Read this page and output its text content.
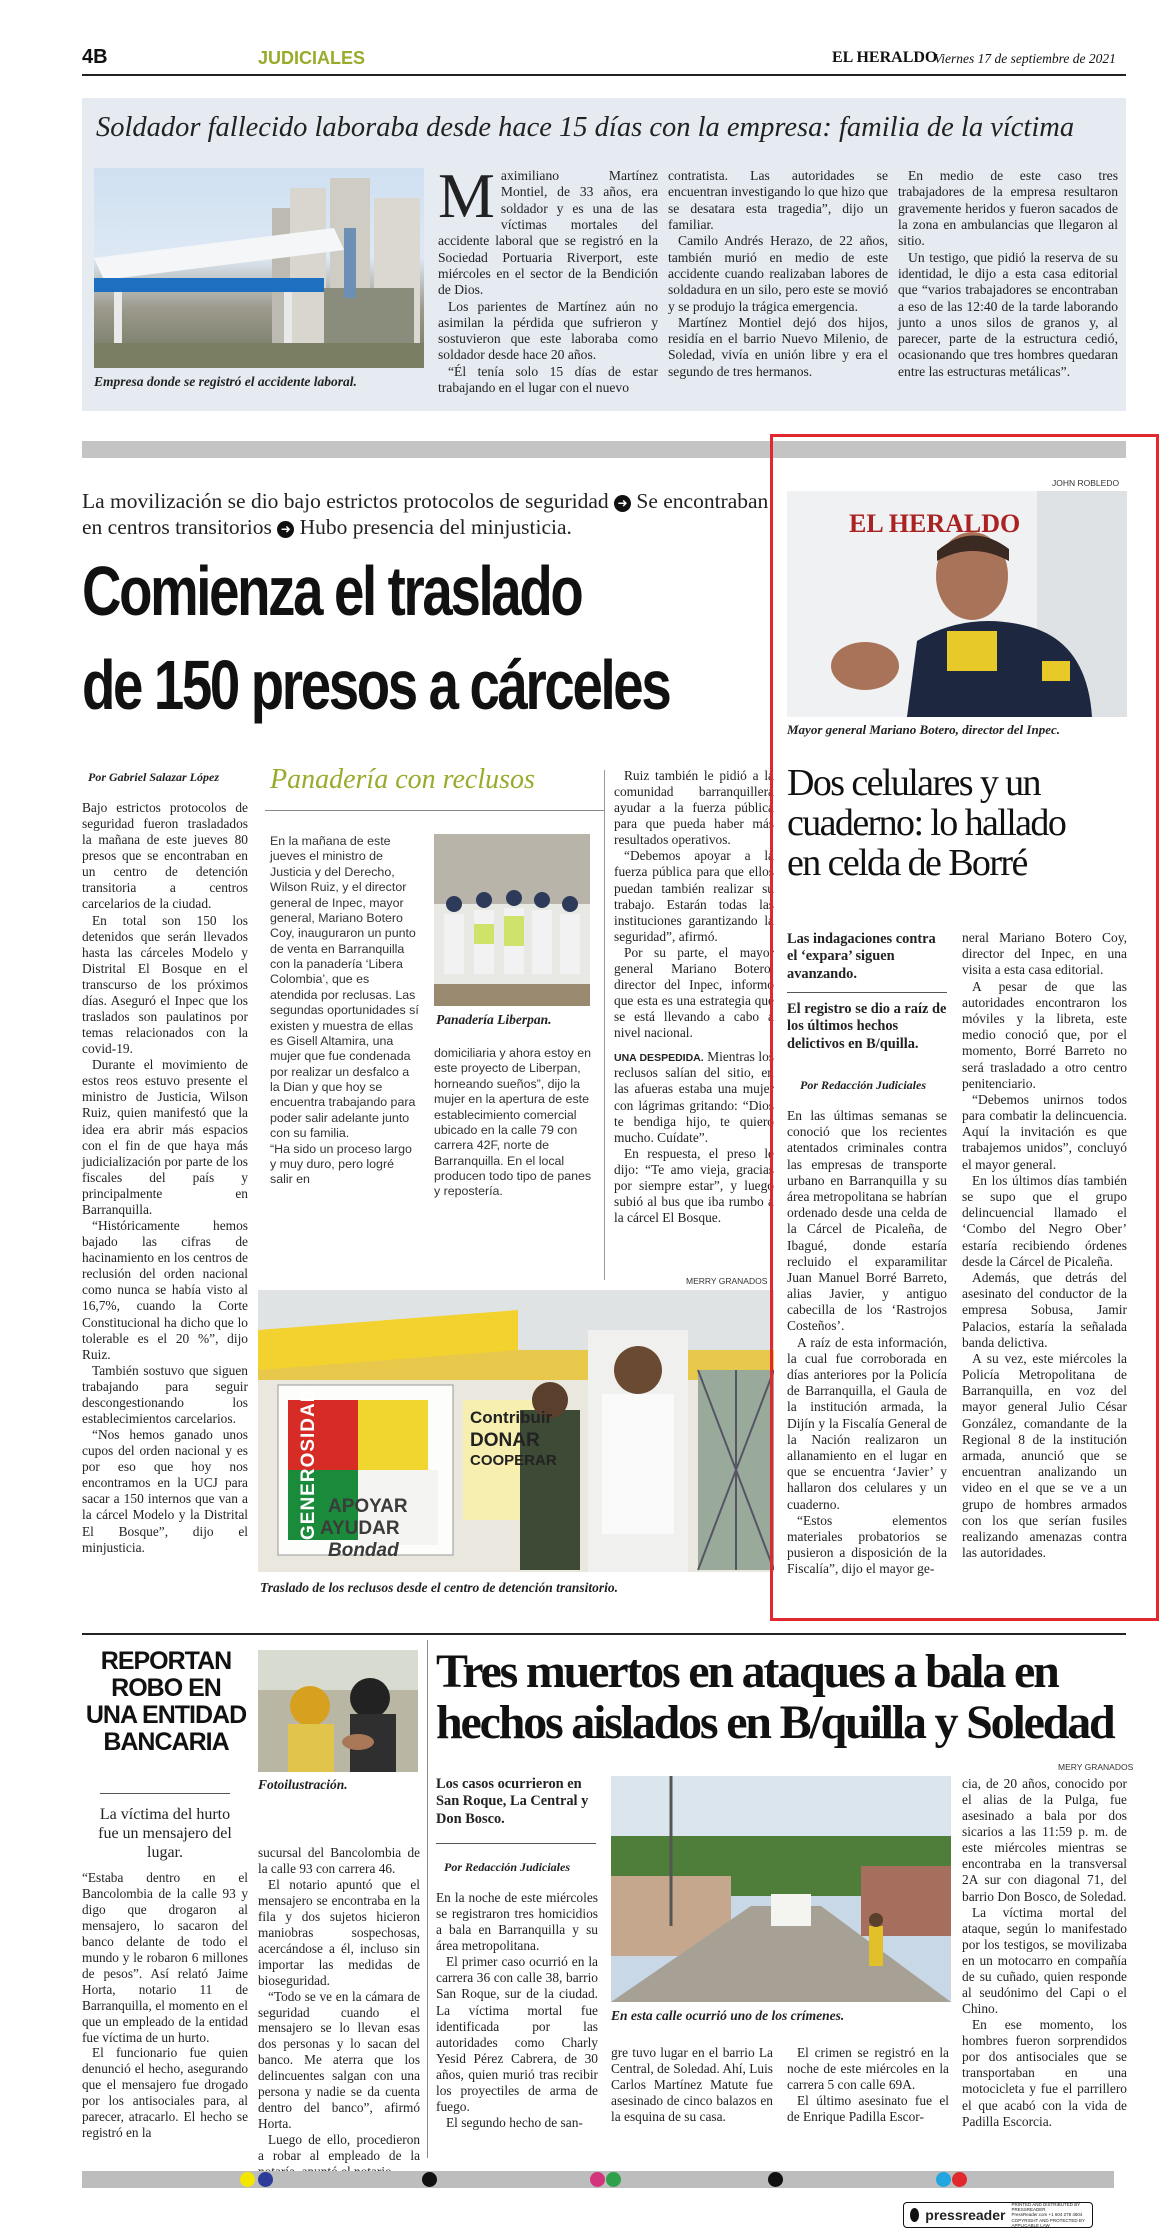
4B	JUDICIALES	EL HERALDO
Viernes 17 de septiembre de 2021
Soldador fallecido laboraba desde hace 15 días con la empresa: familia de la víctima
Empresa donde se registró el accidente laboral.
M aximiliano Martínez Montiel, de 33 años, era soldador y es una de las víctimas mortales del accidente laboral que se registró en la Sociedad Portuaria Riverport, este miércoles en el sector de la Bendición de Dios.

Los parientes de Martínez aún no asimilan la pérdida que sufrieron y sostuvieron que este laboraba como soldador desde hace 20 años.

“Él tenía solo 15 días de estar trabajando en el lugar con el nuevo

contratista. Las autoridades se encuentran investigando lo que hizo que se desatara esta tragedia”, dijo un familiar.

Camilo Andrés Herazo, de 22 años, también murió en medio de este accidente cuando realizaban labores de soldadura en un silo, pero este se movió y se produjo la trágica emergencia.

Martínez Montiel dejó dos hijos, residía en el barrio Nuevo Milenio, de Soledad, vivía en unión libre y era el segundo de tres hermanos.

En medio de este caso tres trabajadores de la empresa resultaron gravemente heridos y fueron sacados de la zona en ambulancias que llegaron al sitio.

Un testigo, que pidió la reserva de su identidad, le dijo a esta casa editorial que “varios trabajadores se encontraban a eso de las 12:40 de la tarde laborando junto a unos silos de granos y, al parecer, parte de la estructura cedió, ocasionando que tres hombres quedaran entre las estructuras metálicas”.

La movilización se dio bajo estrictos protocolos de seguridad ➜ Se encontraban en centros transitorios ➜ Hubo presencia del minjusticia.
Comienza el traslado
de 150 presos a cárceles
Por Gabriel Salazar López

Bajo estrictos protocolos de seguridad fueron trasladados la mañana de este jueves 80 presos que se encontraban en un centro de detención transitoria a centros carcelarios de la ciudad.

En total son 150 los detenidos que serán llevados hasta las cárceles Modelo y Distrital El Bosque en el transcurso de los próximos días. Aseguró el Inpec que los traslados son paulatinos por temas relacionados con la covid-19.

Durante el movimiento de estos reos estuvo presente el ministro de Justicia, Wilson Ruiz, quien manifestó que la idea era abrir más espacios con el fin de que haya más judicialización por parte de los fiscales del país y principalmente en Barranquilla.

“Históricamente hemos bajado las cifras de hacinamiento en los centros de reclusión del orden nacional como nunca se había visto al 16,7%, cuando la Corte Constitucional ha dicho que lo tolerable es el 20 %”, dijo Ruiz.

También sostuvo que siguen trabajando para seguir descongestionando los establecimientos carcelarios.

“Nos hemos ganado unos cupos del orden nacional y es por eso que hoy nos encontramos en la UCJ para sacar a 150 internos que van a la cárcel Modelo y la Distrital El Bosque”, dijo el minjusticia.

Panadería con reclusos

En la mañana de este jueves el ministro de Justicia y del Derecho, Wilson Ruiz, y el director general de Inpec, mayor general, Mariano Botero Coy, inauguraron un punto de venta en Barranquilla con la panadería ‘Libera Colombia’, que es atendida por reclusas. Las segundas oportunidades sí existen y muestra de ellas es Gisell Altamira, una mujer que fue condenada por realizar un desfalco a la Dian y que hoy se encuentra trabajando para poder salir adelante junto con su familia.

“Ha sido un proceso largo y muy duro, pero logré salir en

Panadería Liberpan.

domiciliaria y ahora estoy en este proyecto de Liberpan, horneando sueños”, dijo la mujer en la apertura de este establecimiento comercial ubicado en la calle 79 con carrera 42F, norte de Barranquilla. En el local producen todo tipo de panes y repostería.

Ruiz también le pidió a la comunidad barranquillera ayudar a la fuerza pública para que pueda haber más resultados operativos.

“Debemos apoyar a la fuerza pública para que ellos puedan también realizar su trabajo. Estarán todas las instituciones garantizando la seguridad”, afirmó.

Por su parte, el mayor general Mariano Botero, director del Inpec, informó que esta es una estrategia que se está llevando a cabo a nivel nacional.

UNA DESPEDIDA. Mientras los reclusos salían del sitio, en las afueras estaba una mujer con lágrimas gritando: “Dios te bendiga hijo, te quiero mucho. Cuídate”.

En respuesta, el preso le dijo: “Te amo vieja, gracias por siempre estar”, y luego subió al bus que iba rumbo a la cárcel El Bosque.

MERRY GRANADOS
GENEROSIDAD	Contribuir
DONAR
COOPERAR
APOYAR
AYUDAR
Bondad
Traslado de los reclusos desde el centro de detención transitorio.
JOHN ROBLEDO
EL HERALDO
Mayor general Mariano Botero, director del Inpec.
Dos celulares y un
cuaderno: lo hallado
en celda de Borré
Las indagaciones contra el ‘expara’ siguen avanzando.
El registro se dio a raíz de los últimos hechos delictivos en B/quilla.
Por Redacción Judiciales

En las últimas semanas se conoció que los recientes atentados criminales contra las empresas de transporte urbano en Barranquilla y su área metropolitana se habrían ordenado desde una celda de la Cárcel de Picaleña, de Ibagué, donde estaría recluido el exparamilitar Juan Manuel Borré Barreto, alias Javier, y antiguo cabecilla de los ‘Rastrojos Costeños’.

A raíz de esta información, la cual fue corroborada en días anteriores por la Policía de Barranquilla, el Gaula de la institución armada, la Dijín y la Fiscalía General de la Nación realizaron un allanamiento en el lugar en que se encuentra ‘Javier’ y hallaron dos celulares y un cuaderno.

“Estos elementos materiales probatorios se pusieron a disposición de la Fiscalía”, dijo el mayor ge-

neral Mariano Botero Coy, director del Inpec, en una visita a esta casa editorial.

A pesar de que las autoridades encontraron los móviles y la libreta, este medio conoció que, por el momento, Borré Barreto no será trasladado a otro centro penitenciario.

“Debemos unirnos todos para combatir la delincuencia. Aquí la invitación es que trabajemos unidos”, concluyó el mayor general.

En los últimos días también se supo que el grupo delincuencial llamado el ‘Combo del Negro Ober’ estaría recibiendo órdenes desde la Cárcel de Picaleña.

Además, que detrás del asesinato del conductor de la empresa Sobusa, Jamir Palacios, estaría la señalada banda delictiva.

A su vez, este miércoles la Policía Metropolitana de Barranquilla, en voz del mayor general Julio César González, comandante de la Regional 8 de la institución armada, anunció que se encuentran analizando un video en el que se ve a un grupo de hombres armados con los que serían fusiles realizando amenazas contra las autoridades.

REPORTAN
ROBO EN
UNA ENTIDAD
BANCARIA
La víctima del hurto fue un mensajero del lugar.
Fotoilustración.

“Estaba dentro en el Bancolombia de la calle 93 y digo que drogaron al mensajero, lo sacaron del banco delante de todo el mundo y le robaron 6 millones de pesos”. Así relató Jaime Horta, notario 11 de Barranquilla, el momento en el que un empleado de la entidad fue víctima de un hurto.

El funcionario fue quien denunció el hecho, asegurando que el mensajero fue drogado por los antisociales para, al parecer, atracarlo. El hecho se registró en la

sucursal del Bancolombia de la calle 93 con carrera 46.

El notario apuntó que el mensajero se encontraba en la fila y dos sujetos hicieron maniobras sospechosas, acercándose a él, incluso sin importar las medidas de bioseguridad.

“Todo se ve en la cámara de seguridad cuando el mensajero se lo llevan esas dos personas y lo sacan del banco. Me aterra que los delincuentes salgan con una persona y nadie se da cuenta dentro del banco”, afirmó Horta.

Luego de ello, procedieron a robar al empleado de la

Tres muertos en ataques a bala en
hechos aislados en B/quilla y Soledad
MERY GRANADOS
Los casos ocurrieron en San Roque, La Central y Don Bosco.
Por Redacción Judiciales

En la noche de este miércoles se registraron tres homicidios a bala en Barranquilla y su área metropolitana.

El primer caso ocurrió en la carrera 36 con calle 38, barrio San Roque, sur de la ciudad. La víctima mortal fue identificada por las autoridades como Charly Yesid Pérez Cabrera, de 30 años, quien murió tras recibir los proyectiles de arma de fuego.

El segundo hecho de san-

En esta calle ocurrió uno de los crímenes.

gre tuvo lugar en el barrio La Central, de Soledad. Ahí, Luis Carlos Martínez Matute fue asesinado de cinco balazos en la esquina de su casa.

El crimen se registró en la noche de este miércoles en la carrera 5 con calle 69A.

El último asesinato fue el de Enrique Padilla Escor-

cia, de 20 años, conocido por el alias de la Pulga, fue asesinado a bala por dos sicarios a las 11:59 p. m. de este miércoles mientras se encontraba en la transversal 2A sur con diagonal 71, del barrio Don Bosco, de Soledad.

La víctima mortal del ataque, según lo manifestado por los testigos, se movilizaba en un motocarro en compañía de su cuñado, quien responde al seudónimo del Capi o el Chino.

En ese momento, los hombres fueron sorprendidos por dos antisociales que se transportaban en una motocicleta y fue el parrillero el que acabó con la vida de Padilla Escorcia.

pressreader
PRINTED AND DISTRIBUTED BY PRESSREADER
PressReader.com +1 604 278 4604
COPYRIGHT AND PROTECTED BY APPLICABLE LAW
